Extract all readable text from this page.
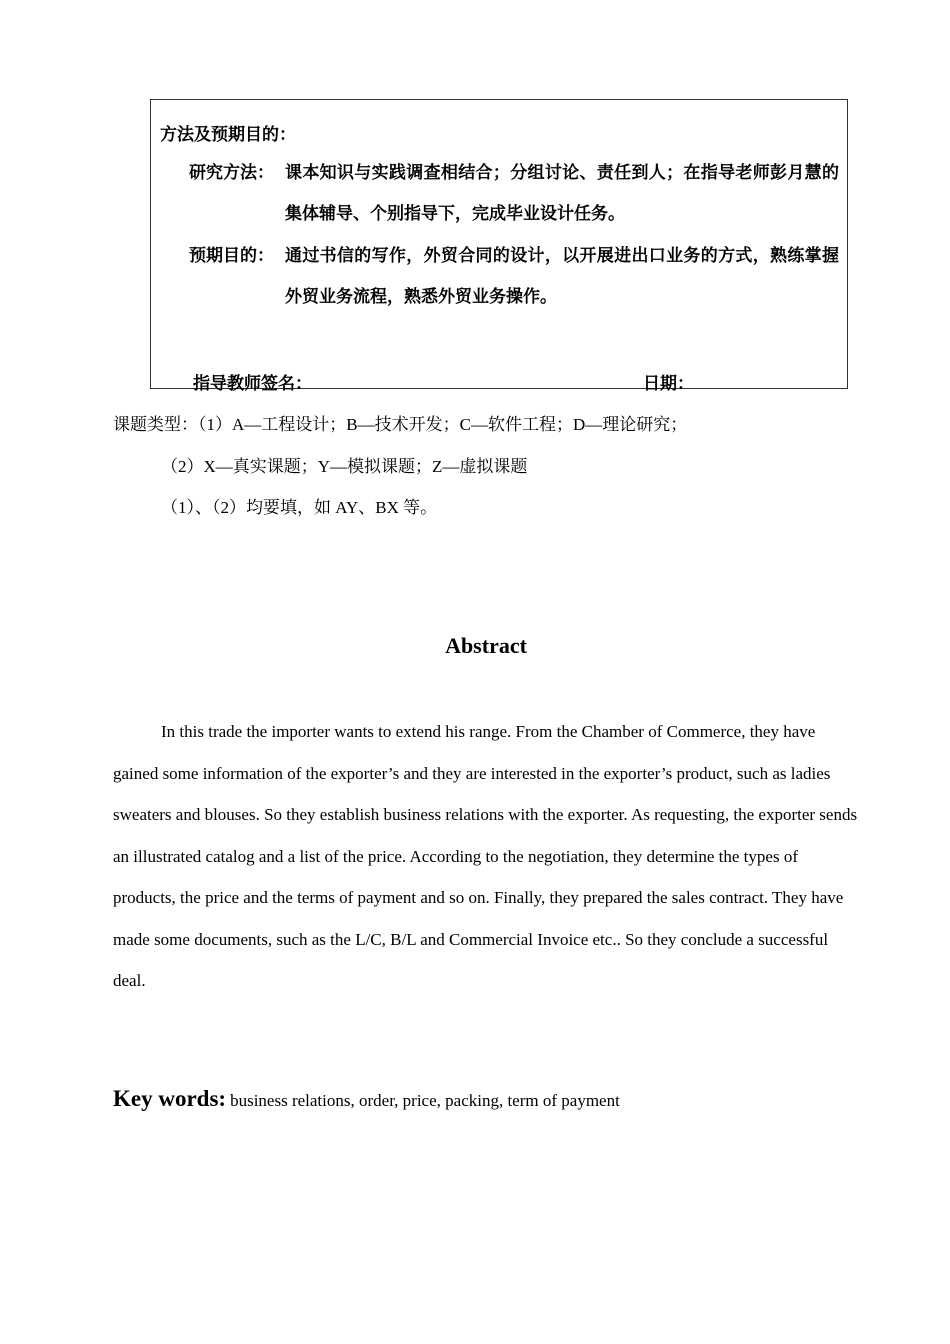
方法及预期目的：
研究方法： 课本知识与实践调查相结合；分组讨论、责任到人；在指导老师彭月慧的集体辅导、个别指导下，完成毕业设计任务。
预期目的： 通过书信的写作，外贸合同的设计，以开展进出口业务的方式，熟练掌握外贸业务流程，熟悉外贸业务操作。
指导教师签名：	日期：
课题类型：（1）A—工程设计；B—技术开发；C—软件工程；D—理论研究；
（2）X—真实课题；Y—模拟课题；Z—虚拟课题
（1）、（2）均要填，如 AY、BX 等。
Abstract
In this trade the importer wants to extend his range. From the Chamber of Commerce, they have gained some information of the exporter’s and they are interested in the exporter’s product, such as ladies sweaters and blouses. So they establish business relations with the exporter. As requesting, the exporter sends an illustrated catalog and a list of the price. According to the negotiation, they determine the types of products, the price and the terms of payment and so on. Finally, they prepared the sales contract. They have made some documents, such as the L/C, B/L and Commercial Invoice etc.. So they conclude a successful deal.
Key words: business relations, order, price, packing, term of payment
